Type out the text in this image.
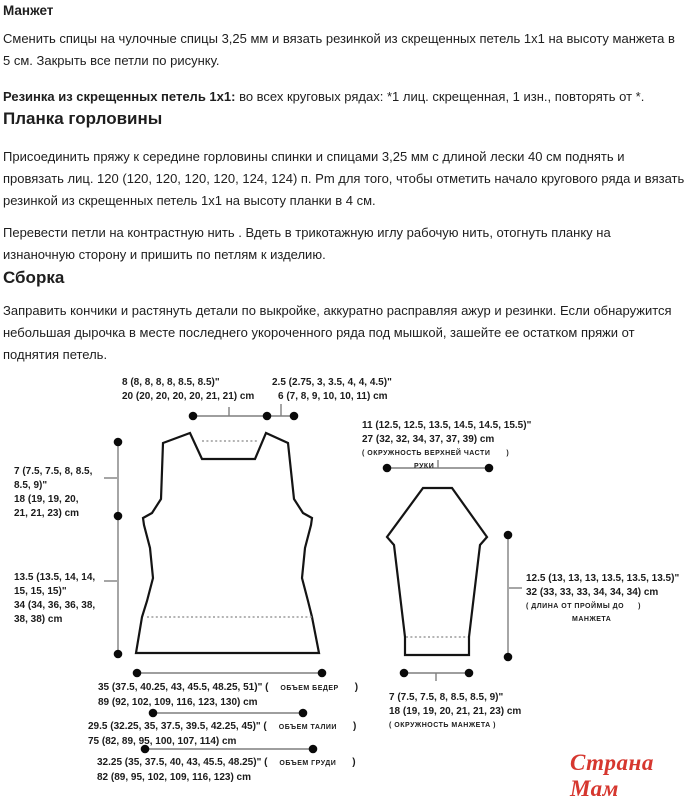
Манжет
Сменить спицы на чулочные спицы 3,25 мм и вязать резинкой из скрещенных петель 1х1 на высоту манжета в
5 см. Закрыть все петли по рисунку.
Резинка из скрещенных петель 1х1: во всех круговых рядах: *1 лиц. скрещенная, 1 изн., повторять от *.
Планка горловины
Присоединить пряжу к середине горловины спинки и спицами 3,25 мм с длиной лески 40 см поднять и
провязать лиц. 120 (120, 120, 120, 120, 124, 124) п. Pm для того, чтобы отметить начало кругового ряда и вязать
резинкой из скрещенных петель 1х1 на высоту планки в 4 см.
Перевести петли на контрастную нить . Вдеть в трикотажную иглу рабочую нить, отогнуть планку на
изнаночную сторону и пришить по петлям к изделию.
Сборка
Заправить кончики и растянуть детали по выкройке, аккуратно расправляя ажур и резинки. Если обнаружится
небольшая дырочка в месте последнего укороченного ряда под мышкой, зашейте ее остатком пряжи от
поднятия петель.
8 (8, 8, 8, 8, 8.5, 8.5)"
20 (20, 20, 20, 20, 21, 21) cm
2.5 (2.75, 3, 3.5, 4, 4, 4.5)"
6 (7, 8, 9, 10, 10, 11) cm
11 (12.5, 12.5, 13.5, 14.5, 14.5, 15.5)"
27 (32, 32, 34, 37, 37, 39) cm
( ОКРУЖНОСТЬ ВЕРХНЕЙ ЧАСТИ )
РУКИ
7 (7.5, 7.5, 8, 8.5,
8.5, 9)"
18 (19, 19, 20,
21, 21, 23) cm
13.5 (13.5, 14, 14,
15, 15, 15)"
34 (34, 36, 36, 38,
38, 38) cm
12.5 (13, 13, 13, 13.5, 13.5, 13.5)"
32 (33, 33, 33, 34, 34, 34) cm
( ДЛИНА ОТ ПРОЙМЫ ДО )
МАНЖЕТА
35 (37.5, 40.25, 43, 45.5, 48.25, 51)" ( ОБЪЕМ БЕДЕР )
89 (92, 102, 109, 116, 123, 130) cm
29.5 (32.25, 35, 37.5, 39.5, 42.25, 45)" ( ОБЪЕМ ТАЛИИ )
75 (82, 89, 95, 100, 107, 114) cm
32.25 (35, 37.5, 40, 43, 45.5, 48.25)" ( ОБЪЕМ ГРУДИ )
82 (89, 95, 102, 109, 116, 123) cm
7 (7.5, 7.5, 8, 8.5, 8.5, 9)"
18 (19, 19, 20, 21, 21, 23) cm
( ОКРУЖНОСТЬ МАНЖЕТА )
Страна Мам
